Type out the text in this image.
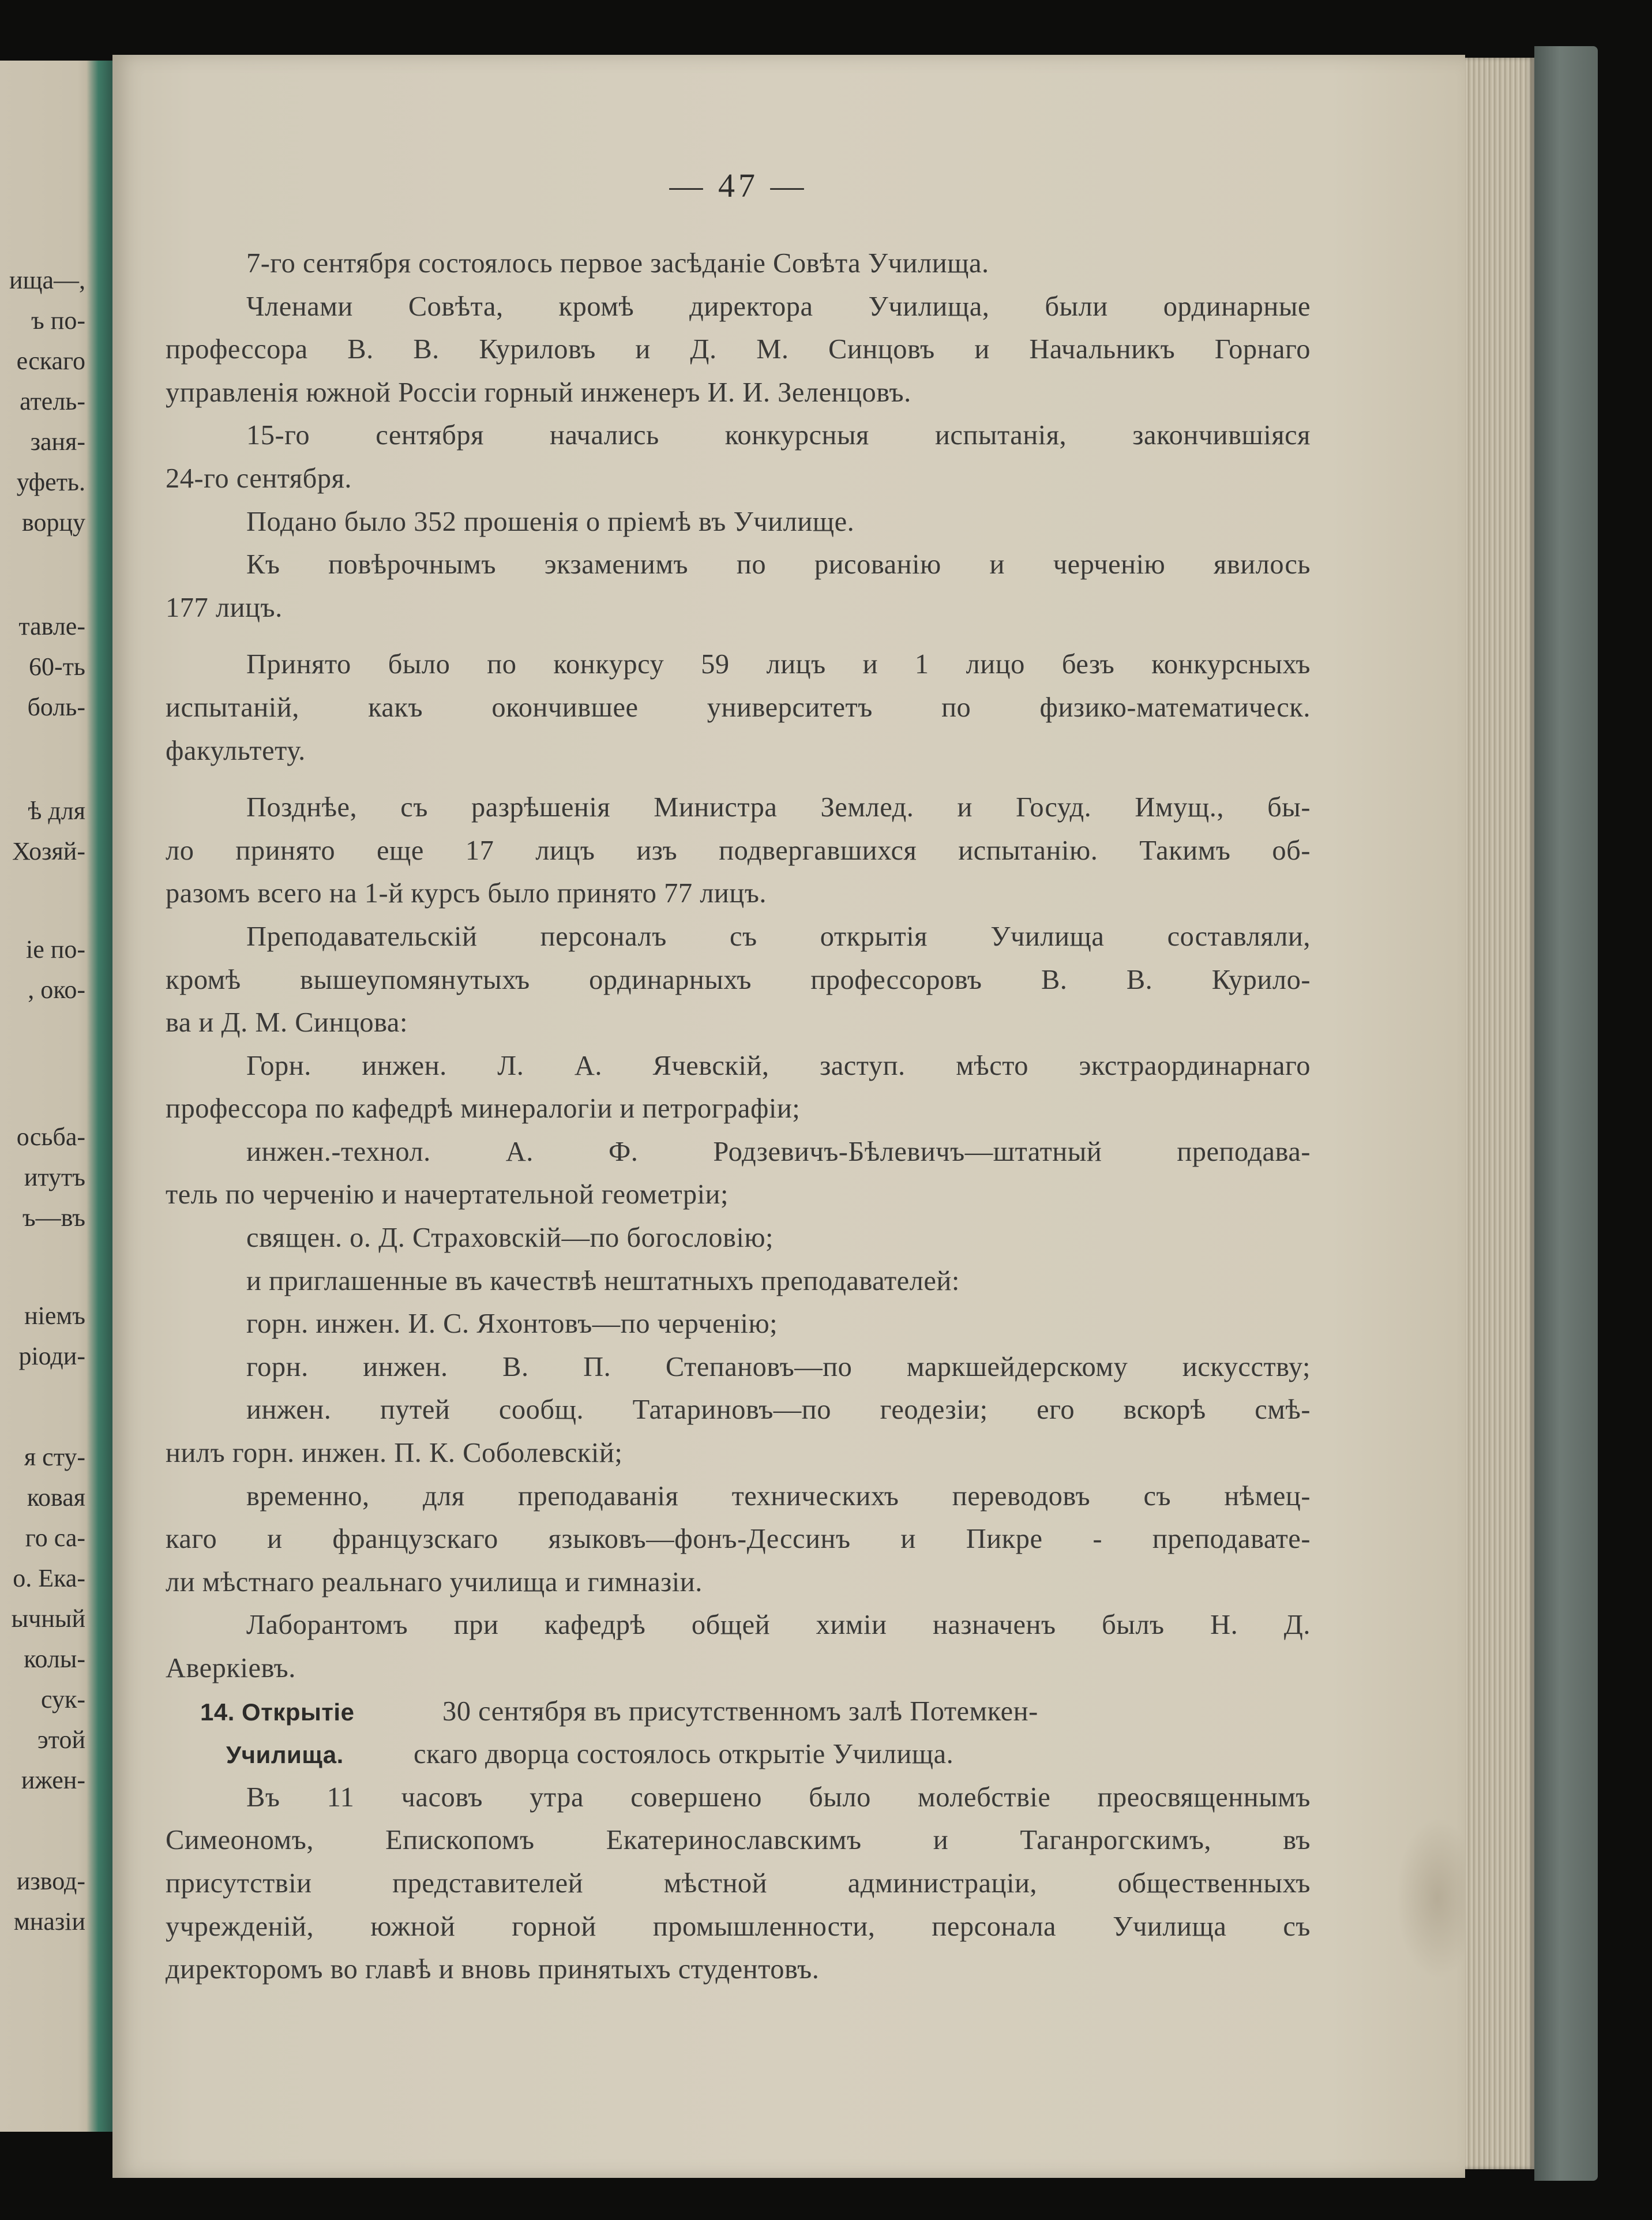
ища—,
ъ по-
ескаго
атель-
заня-
уфеть.
ворцу
тавле-
60-ть
боль-
ѣ для
Хозяй-
іе по-
, око-
осьба-
итутъ
ъ—въ
ніемъ
ріоди-
я сту-
ковая
го са-
о. Ека-
ычный
колы-
сук-
этой
ижен-
извод-
мназіи
— 47 —
7-го сентября состоялось первое засѣданіе Совѣта Училища.
Членами Совѣта, кромѣ директора Училища, были ординарные
профессора В. В. Куриловъ и Д. М. Синцовъ и Начальникъ Горнаго
управленія южной Россіи горный инженеръ И. И. Зеленцовъ.
15-го сентября начались конкурсныя испытанія, закончившіяся
24-го сентября.
Подано было 352 прошенія о пріемѣ въ Училище.
Къ повѣрочнымъ экзаменимъ по рисованію и черченію явилось
177 лицъ.
Принято было по конкурсу 59 лицъ и 1 лицо безъ конкурсныхъ
испытаній, какъ окончившее университетъ по физико-математическ.
факультету.
Позднѣе, съ разрѣшенія Министра Землед. и Госуд. Имущ., бы-
ло принято еще 17 лицъ изъ подвергавшихся испытанію. Такимъ об-
разомъ всего на 1-й курсъ было принято 77 лицъ.
Преподавательскій персоналъ съ открытія Училища составляли,
кромѣ вышеупомянутыхъ ординарныхъ профессоровъ В. В. Курило-
ва и Д. М. Синцова:
Горн. инжен. Л. А. Ячевскій, заступ. мѣсто экстраординарнаго
профессора по кафедрѣ минералогіи и петрографіи;
инжен.-технол. А. Ф. Родзевичъ-Бѣлевичъ—штатный преподава-
тель по черченію и начертательной геометріи;
священ. о. Д. Страховскій—по богословію;
и приглашенные въ качествѣ нештатныхъ преподавателей:
горн. инжен. И. С. Яхонтовъ—по черченію;
горн. инжен. В. П. Степановъ—по маркшейдерскому искусству;
инжен. путей сообщ. Татариновъ—по геодезіи; его вскорѣ смѣ-
нилъ горн. инжен. П. К. Соболевскій;
временно, для преподаванія техническихъ переводовъ съ нѣмец-
каго и французскаго языковъ—фонъ-Дессинъ и Пикре - преподавате-
ли мѣстнаго реальнаго училища и гимназіи.
Лаборантомъ при кафедрѣ общей химіи назначенъ былъ Н. Д.
Аверкіевъ.
14. Открытіе	30 сентября въ присутственномъ залѣ Потемкен-
Училища. скаго дворца состоялось открытіе Училища.
Въ 11 часовъ утра совершено было молебствіе преосвященнымъ
Симеономъ, Епископомъ Екатеринославскимъ и Таганрогскимъ, въ
присутствіи представителей мѣстной администраціи, общественныхъ
учрежденій, южной горной промышленности, персонала Училища съ
директоромъ во главѣ и вновь принятыхъ студентовъ.
